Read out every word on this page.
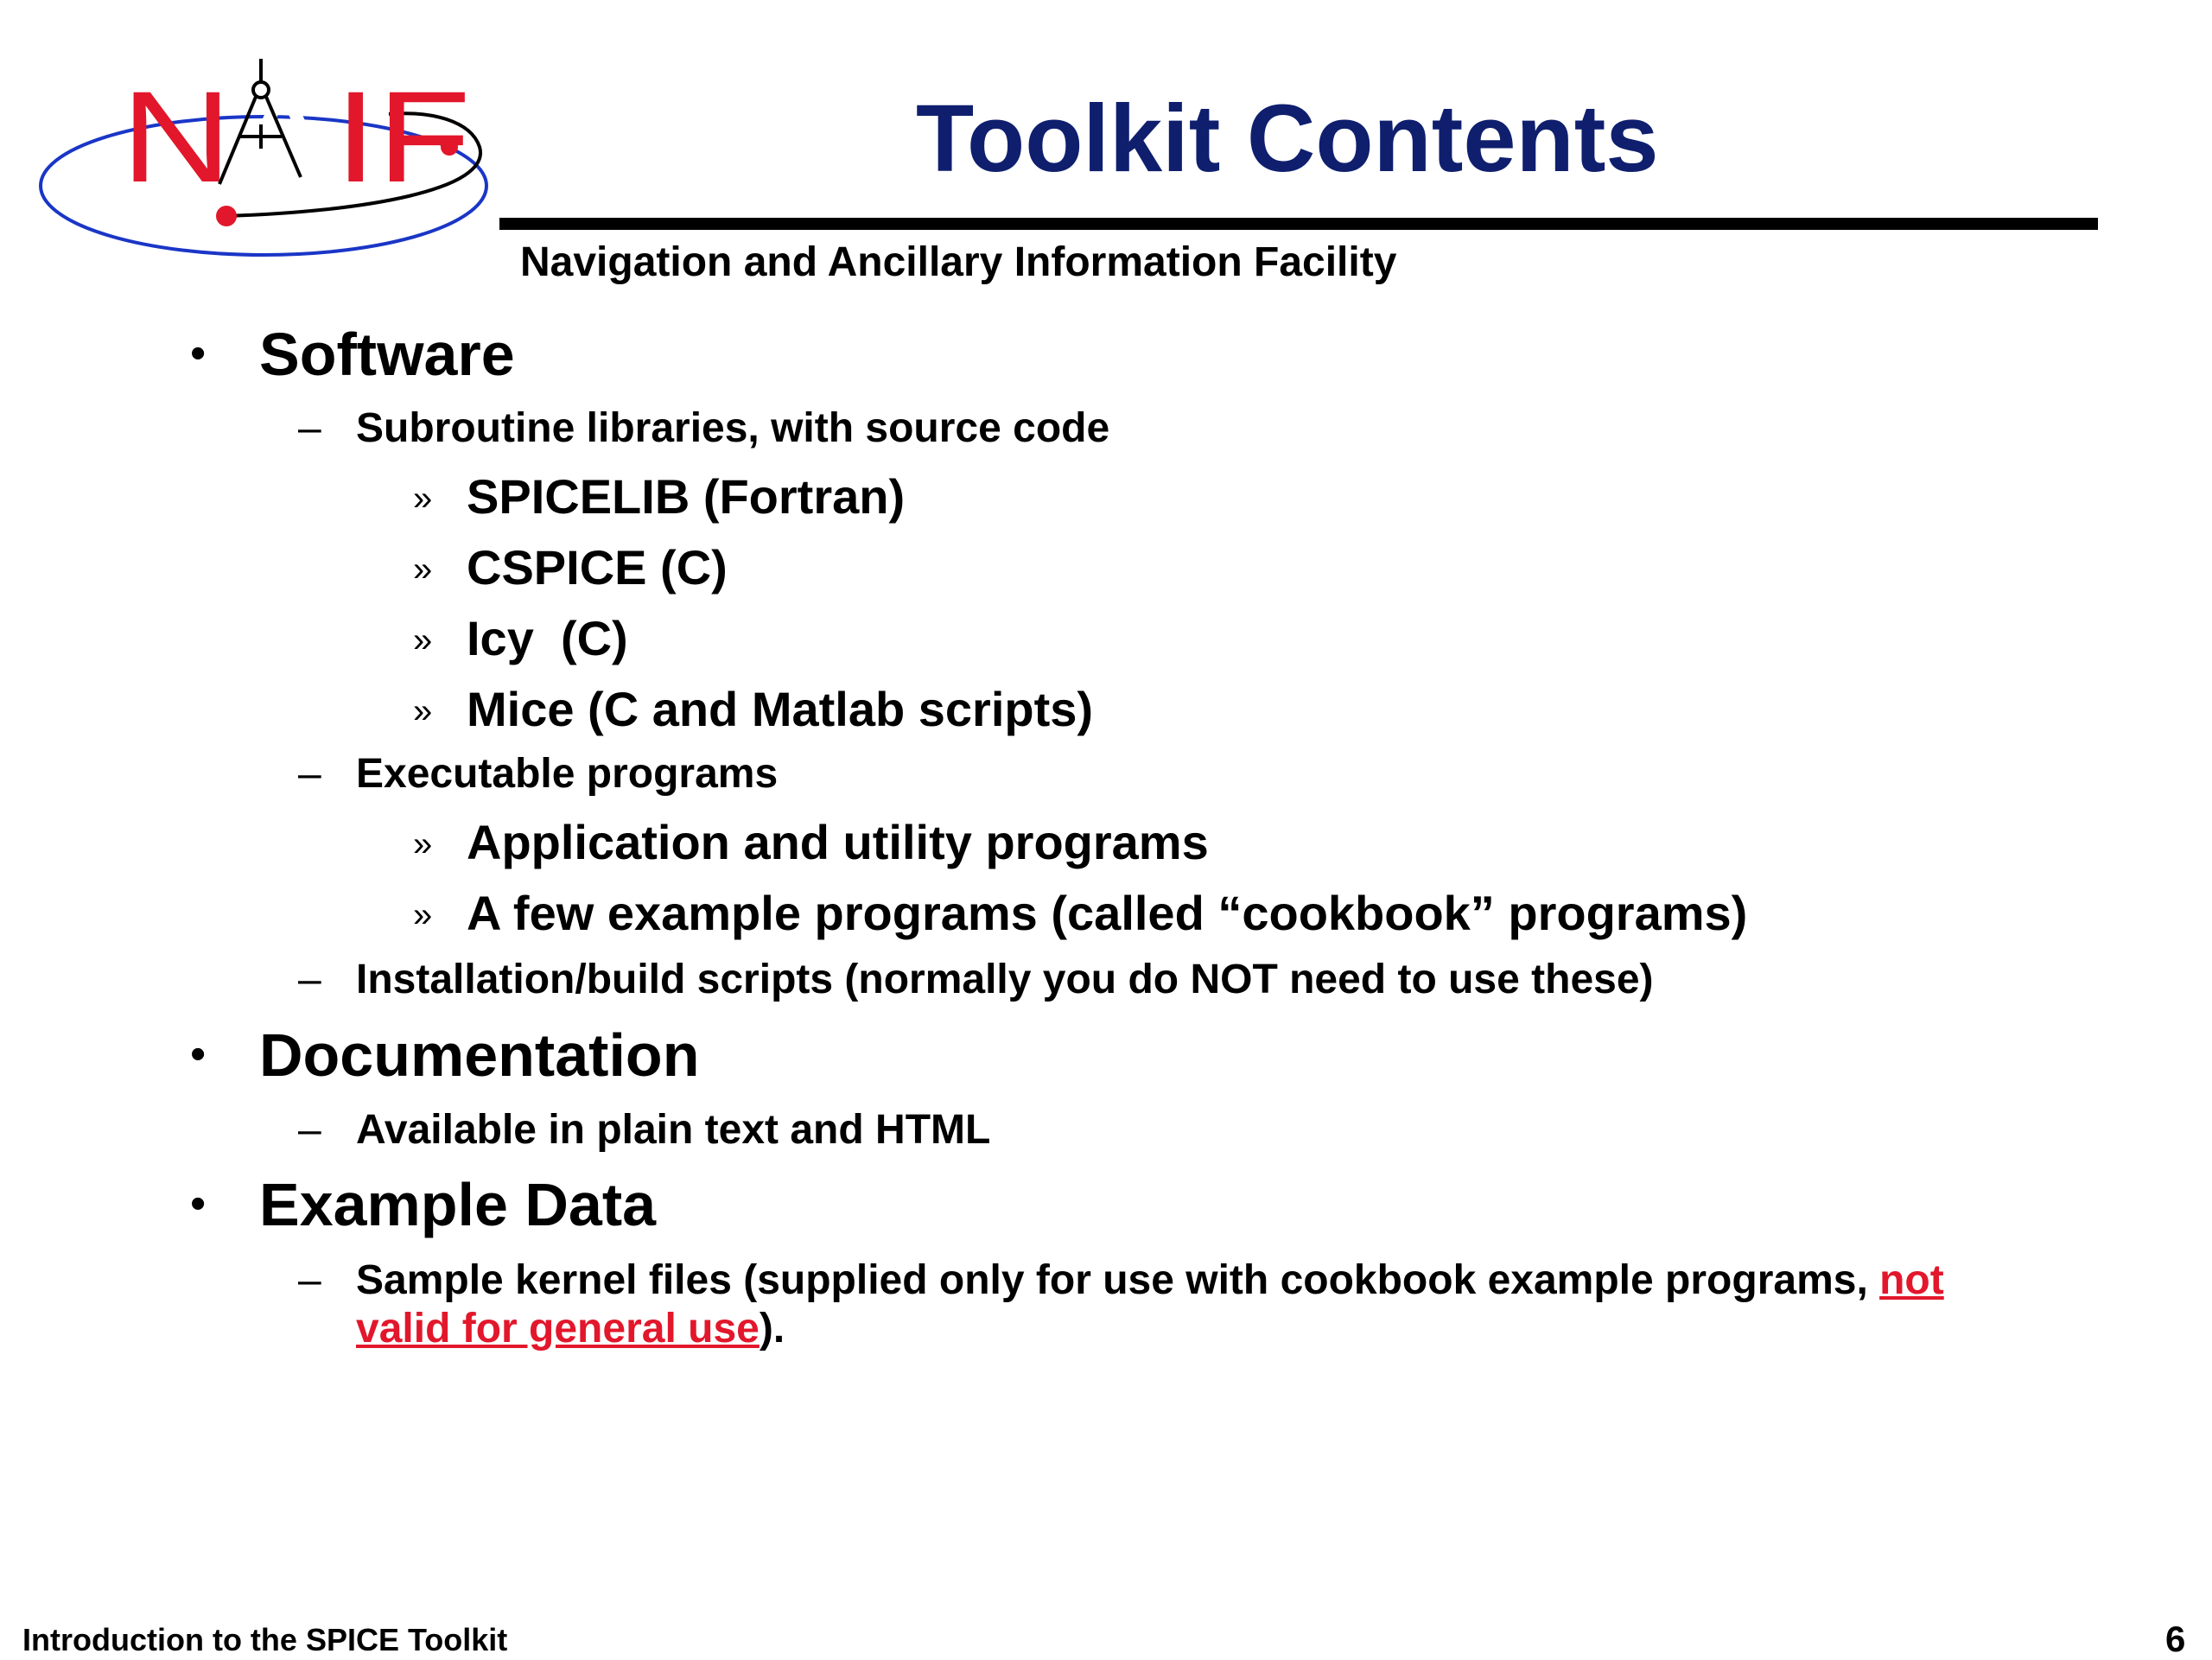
N A IF	Toolkit Contents
Navigation and Ancillary Information Facility
• Software
– Subroutine libraries, with source code
» SPICELIB (Fortran)
» CSPICE (C)
» Icy  (C)
» Mice (C and Matlab scripts)
– Executable programs
» Application and utility programs
» A few example programs (called “cookbook” programs)
– Installation/build scripts (normally you do NOT need to use these)
• Documentation
– Available in plain text and HTML
• Example Data
– Sample kernel files (supplied only for use with cookbook example programs, not
valid for general use).
Introduction to the SPICE Toolkit	6
